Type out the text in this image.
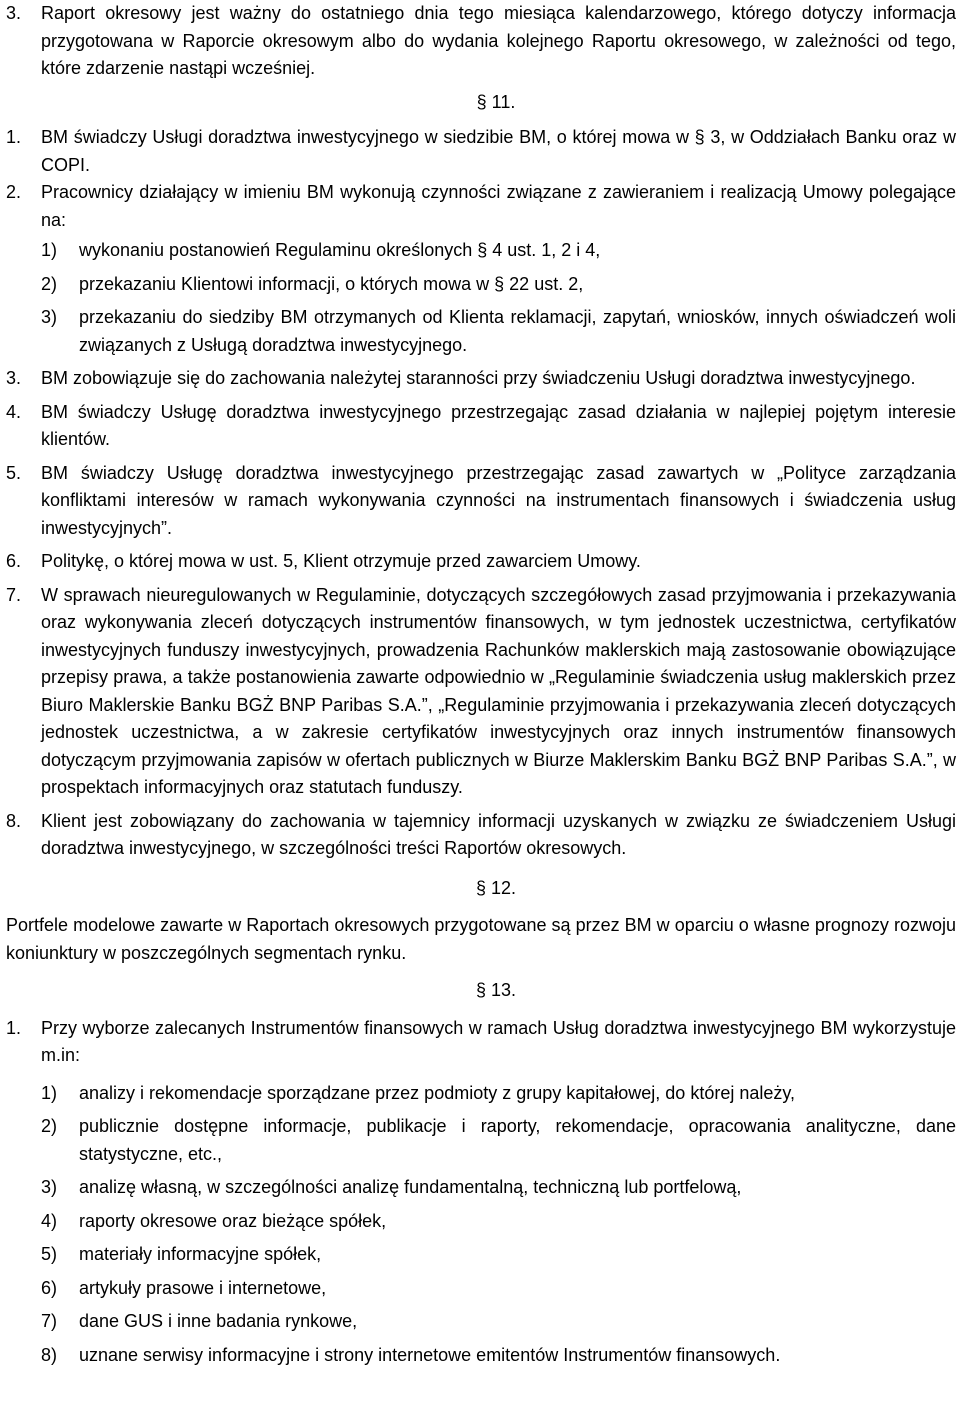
3.	Raport okresowy jest ważny do ostatniego dnia tego miesiąca kalendarzowego, którego dotyczy informacja przygotowana w Raporcie okresowym albo do wydania kolejnego Raportu okresowego, w zależności od tego, które zdarzenie nastąpi wcześniej.
§ 11.
1.	BM świadczy Usługi doradztwa inwestycyjnego w siedzibie BM, o której mowa w § 3, w Oddziałach Banku oraz w COPI.
2.	Pracownicy działający w imieniu BM wykonują czynności związane z zawieraniem i realizacją Umowy polegające na:
1)	wykonaniu postanowień Regulaminu określonych § 4 ust. 1, 2 i 4,
2)	przekazaniu Klientowi informacji, o których mowa w § 22 ust. 2,
3)	przekazaniu do siedziby BM otrzymanych od Klienta reklamacji, zapytań, wniosków, innych oświadczeń woli związanych z Usługą doradztwa inwestycyjnego.
3.	BM zobowiązuje się do zachowania należytej staranności przy świadczeniu Usługi doradztwa inwestycyjnego.
4.	BM świadczy Usługę doradztwa inwestycyjnego przestrzegając zasad działania w najlepiej pojętym interesie klientów.
5.	BM świadczy Usługę doradztwa inwestycyjnego przestrzegając zasad zawartych w „Polityce zarządzania konfliktami interesów w ramach wykonywania czynności na instrumentach finansowych i świadczenia usług inwestycyjnych”.
6.	Politykę, o której mowa w ust. 5, Klient otrzymuje przed zawarciem Umowy.
7.	W sprawach nieuregulowanych w Regulaminie, dotyczących szczegółowych zasad przyjmowania i przekazywania oraz wykonywania zleceń dotyczących instrumentów finansowych, w tym jednostek uczestnictwa, certyfikatów inwestycyjnych funduszy inwestycyjnych, prowadzenia Rachunków maklerskich mają zastosowanie obowiązujące przepisy prawa, a także postanowienia zawarte odpowiednio w „Regulaminie świadczenia usług maklerskich przez Biuro Maklerskie Banku BGŻ BNP Paribas S.A.”, „Regulaminie przyjmowania i przekazywania zleceń dotyczących jednostek uczestnictwa, a w zakresie certyfikatów inwestycyjnych oraz innych instrumentów finansowych dotyczącym przyjmowania zapisów w ofertach publicznych w Biurze Maklerskim Banku BGŻ BNP Paribas S.A.”, w prospektach informacyjnych oraz statutach funduszy.
8.	Klient jest zobowiązany do zachowania w tajemnicy informacji uzyskanych w związku ze świadczeniem Usługi doradztwa inwestycyjnego, w szczególności treści Raportów okresowych.
§ 12.
Portfele modelowe zawarte w Raportach okresowych przygotowane są przez BM w oparciu o własne prognozy rozwoju koniunktury w poszczególnych segmentach rynku.
§ 13.
1.	Przy wyborze zalecanych Instrumentów finansowych w ramach Usług doradztwa inwestycyjnego BM wykorzystuje m.in:
1)	analizy i rekomendacje sporządzane przez podmioty z grupy kapitałowej, do której należy,
2)	publicznie dostępne informacje, publikacje i raporty, rekomendacje, opracowania analityczne, dane statystyczne, etc.,
3)	analizę własną, w szczególności analizę fundamentalną, techniczną lub portfelową,
4)	raporty okresowe oraz bieżące spółek,
5)	materiały informacyjne spółek,
6)	artykuły prasowe i internetowe,
7)	dane GUS i inne badania rynkowe,
8)	uznane serwisy informacyjne i strony internetowe emitentów Instrumentów finansowych.
